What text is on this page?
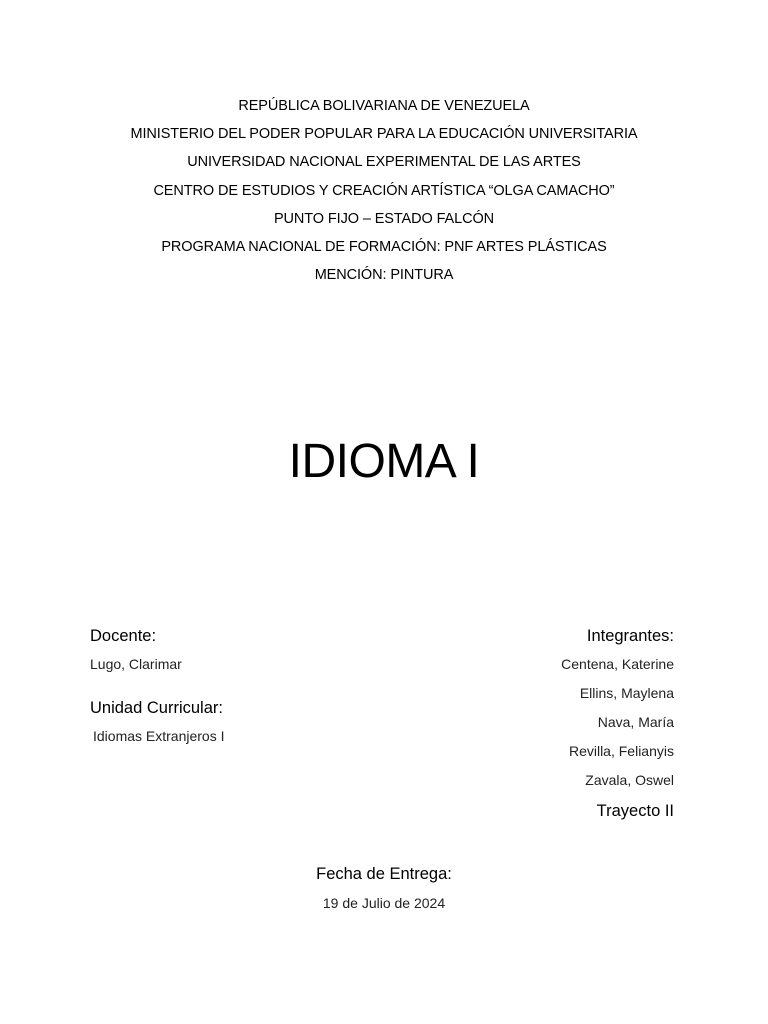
REPÚBLICA BOLIVARIANA DE VENEZUELA
MINISTERIO DEL PODER POPULAR PARA LA EDUCACIÓN UNIVERSITARIA
UNIVERSIDAD NACIONAL EXPERIMENTAL DE LAS ARTES
CENTRO DE ESTUDIOS Y CREACIÓN ARTÍSTICA “OLGA CAMACHO”
PUNTO FIJO – ESTADO FALCÓN
PROGRAMA NACIONAL DE FORMACIÓN: PNF ARTES PLÁSTICAS
MENCIÓN: PINTURA
IDIOMA I
Docente:
Lugo, Clarimar
Unidad Curricular:
Idiomas Extranjeros I
Integrantes:
Centena, Katerine
Ellins, Maylena
Nava, María
Revilla, Felianyis
Zavala, Oswel
Trayecto II
Fecha de Entrega:
19 de Julio de 2024
